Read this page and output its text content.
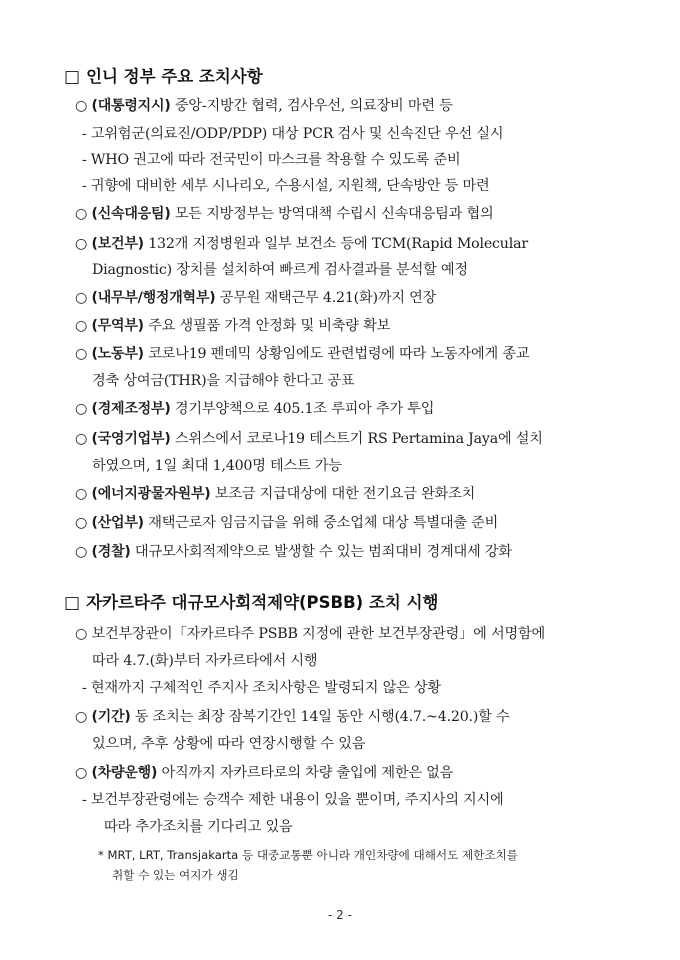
□ 인니 정부 주요 조치사항
○ (대통령지시) 중앙-지방간 협력, 검사우선, 의료장비 마련 등
- 고위험군(의료진/ODP/PDP) 대상 PCR 검사 및 신속진단 우선 실시
- WHO 권고에 따라 전국민이 마스크를 착용할 수 있도록 준비
- 귀향에 대비한 세부 시나리오, 수용시설, 지원책, 단속방안 등 마련
○ (신속대응팀) 모든 지방정부는 방역대책 수립시 신속대응팀과 협의
○ (보건부) 132개 지정병원과 일부 보건소 등에 TCM(Rapid Molecular
Diagnostic) 장치를 설치하여 빠르게 검사결과를 분석할 예정
○ (내무부/행정개혁부) 공무원 재택근무 4.21(화)까지 연장
○ (무역부) 주요 생필품 가격 안정화 및 비축량 확보
○ (노동부) 코로나19 펜데믹 상황임에도 관련법령에 따라 노동자에게 종교
경축 상여금(THR)을 지급해야 한다고 공표
○ (경제조정부) 경기부양책으로 405.1조 루피아 추가 투입
○ (국영기업부) 스위스에서 코로나19 테스트기 RS Pertamina Jaya에 설치
하였으며, 1일 최대 1,400명 테스트 가능
○ (에너지광물자원부) 보조금 지급대상에 대한 전기요금 완화조치
○ (산업부) 재택근로자 임금지급을 위해 중소업체 대상 특별대출 준비
○ (경찰) 대규모사회적제약으로 발생할 수 있는 범죄대비 경계대세 강화
□ 자카르타주 대규모사회적제약(PSBB) 조치 시행
○ 보건부장관이「자카르타주 PSBB 지정에 관한 보건부장관령」에 서명함에
따라 4.7.(화)부터 자카르타에서 시행
- 현재까지 구체적인 주지사 조치사항은 발령되지 않은 상황
○ (기간) 동 조치는 최장 잠복기간인 14일 동안 시행(4.7.~4.20.)할 수
있으며, 추후 상황에 따라 연장시행할 수 있음
○ (차량운행) 아직까지 자카르타로의 차량 출입에 제한은 없음
- 보건부장관령에는 승객수 제한 내용이 있을 뿐이며, 주지사의 지시에
따라 추가조치를 기다리고 있음
* MRT, LRT, Transjakarta 등 대중교통뿐 아니라 개인차량에 대해서도 제한조치를
취할 수 있는 여지가 생김
- 2 -
